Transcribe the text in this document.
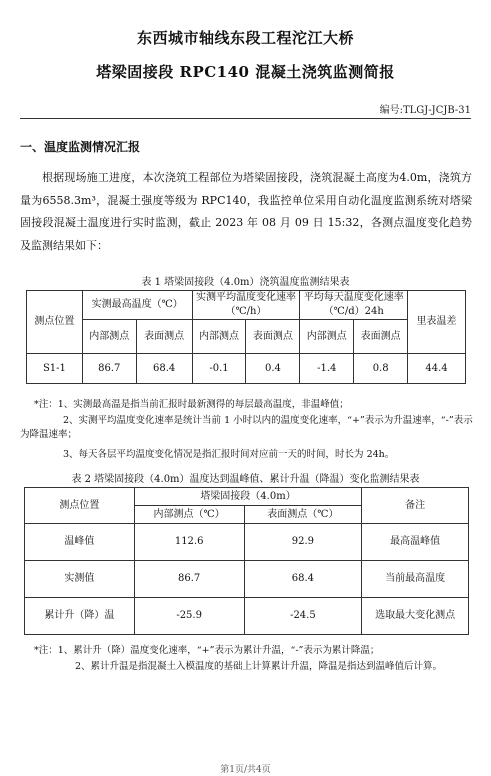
东西城市轴线东段工程沱江大桥
塔梁固接段 RPC140 混凝土浇筑监测简报
编号:TLGJ-JCJB-31
一、温度监测情况汇报
根据现场施工进度，本次浇筑工程部位为塔梁固接段，浇筑混凝土高度为4.0m，浇筑方量为6558.3m³，混凝土强度等级为 RPC140，我监控单位采用自动化温度监测系统对塔梁固接段混凝土温度进行实时监测，截止 2023 年 08 月 09 日 15:32，各测点温度变化趋势及监测结果如下：
表 1 塔梁固接段（4.0m）浇筑温度监测结果表
测点位置	实测最高温度（℃）		实测平均温度变化速率（℃/h）		平均每天温度变化速率（℃/d）24h		里表温差
	内部测点	表面测点	内部测点	表面测点	内部测点	表面测点	
S1-1	86.7	68.4	-0.1	0.4	-1.4	0.8	44.4
*注：1、实测最高温是指当前汇报时最新测得的每层最高温度，非温峰值；
2、实测平均温度变化速率是统计当前 1 小时以内的温度变化速率，“+”表示为升温速率，“-”表示为降温速率；
3、每天各层平均温度变化情况是指汇报时间对应前一天的时间，时长为 24h。
表 2 塔梁固接段（4.0m）温度达到温峰值、累计升温（降温）变化监测结果表
测点位置	塔梁固接段（4.0m）		备注
	内部测点（℃）	表面测点（℃）	
温峰值	112.6	92.9	最高温峰值
实测值	86.7	68.4	当前最高温度
累计升（降）温	-25.9	-24.5	选取最大变化测点
*注：1、累计升（降）温度变化速率，“+”表示为累计升温，“-”表示为累计降温；
2、累计升温是指混凝土入模温度的基础上计算累计升温，降温是指达到温峰值后计算。
第1页/共4页
